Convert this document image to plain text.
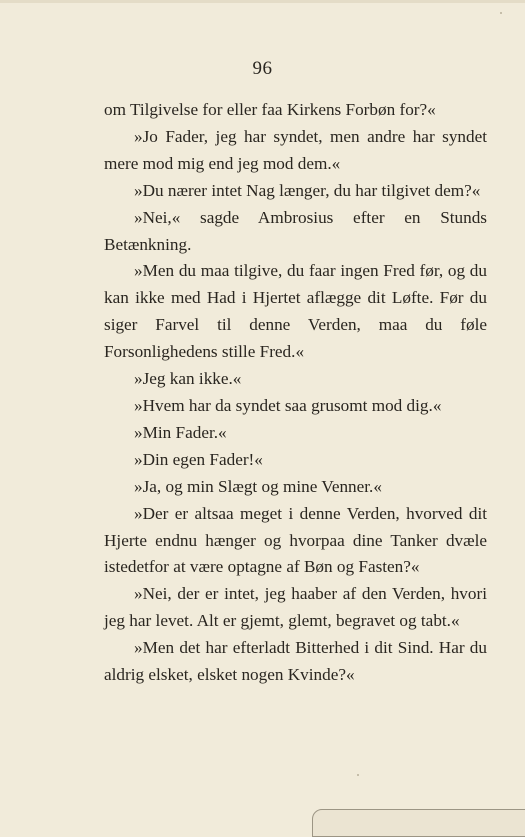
96

om Tilgivelse for eller faa Kirkens Forbøn for?«

»Jo Fader, jeg har syndet, men andre har syndet mere mod mig end jeg mod dem.«

»Du nærer intet Nag længer, du har tilgivet dem?«

»Nei,« sagde Ambrosius efter en Stunds Betænkning.

»Men du maa tilgive, du faar ingen Fred før, og du kan ikke med Had i Hjertet aflægge dit Løfte. Før du siger Farvel til denne Verden, maa du føle Forsonlighedens stille Fred.«

»Jeg kan ikke.«

»Hvem har da syndet saa grusomt mod dig.«

»Min Fader.«

»Din egen Fader!«

»Ja, og min Slægt og mine Venner.«

»Der er altsaa meget i denne Verden, hvorved dit Hjerte endnu hænger og hvorpaa dine Tanker dvæle istedetfor at være optagne af Bøn og Fasten?«

»Nei, der er intet, jeg haaber af den Verden, hvori jeg har levet. Alt er gjemt, glemt, begravet og tabt.«

»Men det har efterladt Bitterhed i dit Sind. Har du aldrig elsket, elsket nogen Kvinde?«
